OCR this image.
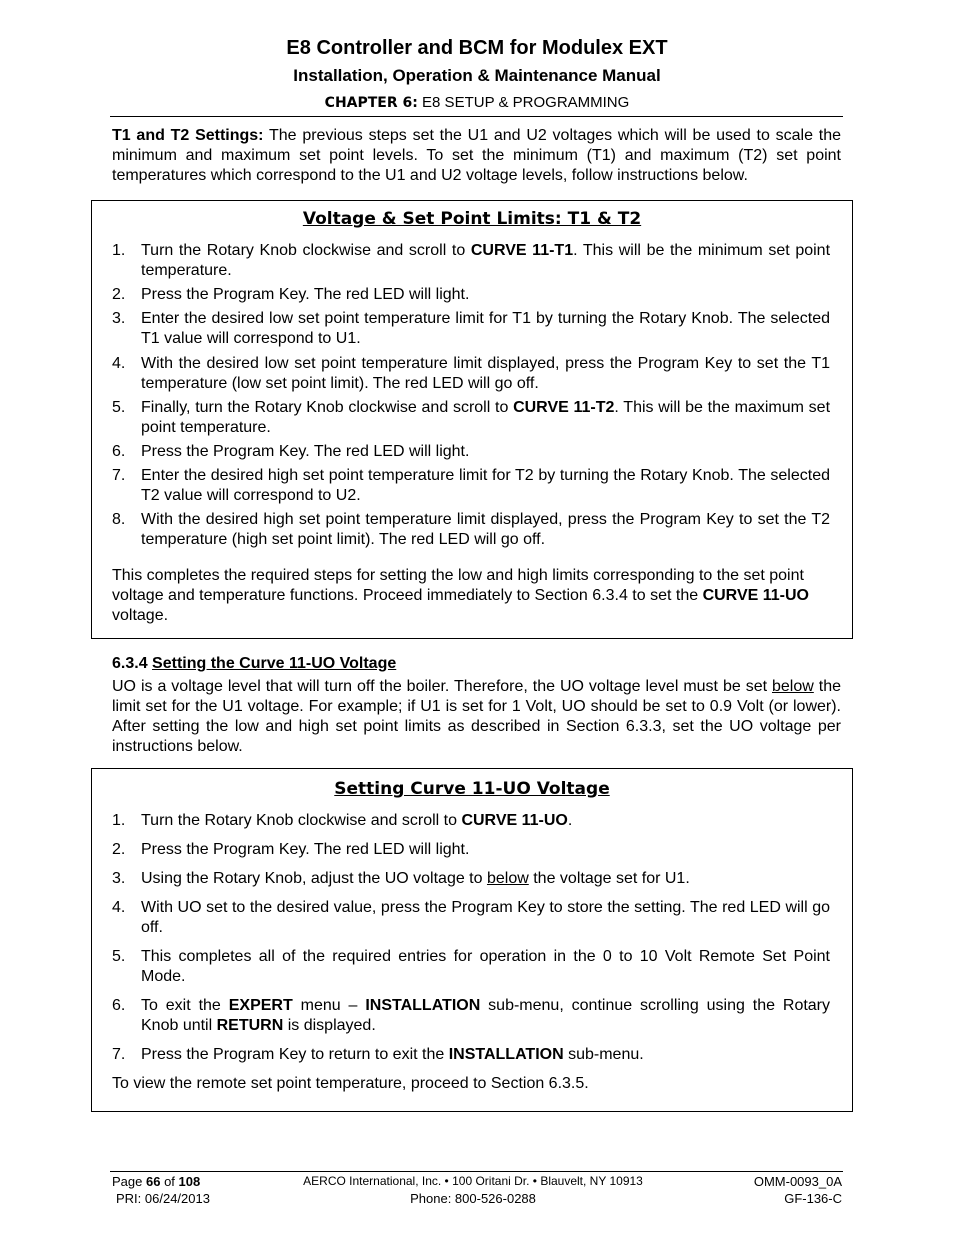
E8 Controller and BCM for Modulex EXT
Installation, Operation & Maintenance Manual
CHAPTER 6: E8 SETUP & PROGRAMMING
T1 and T2 Settings: The previous steps set the U1 and U2 voltages which will be used to scale the minimum and maximum set point levels. To set the minimum (T1) and maximum (T2) set point temperatures which correspond to the U1 and U2 voltage levels, follow instructions below.
Voltage & Set Point Limits: T1 & T2
1. Turn the Rotary Knob clockwise and scroll to CURVE 11-T1. This will be the minimum set point temperature.
2. Press the Program Key. The red LED will light.
3. Enter the desired low set point temperature limit for T1 by turning the Rotary Knob. The selected T1 value will correspond to U1.
4. With the desired low set point temperature limit displayed, press the Program Key to set the T1 temperature (low set point limit). The red LED will go off.
5. Finally, turn the Rotary Knob clockwise and scroll to CURVE 11-T2. This will be the maximum set point temperature.
6. Press the Program Key. The red LED will light.
7. Enter the desired high set point temperature limit for T2 by turning the Rotary Knob. The selected T2 value will correspond to U2.
8. With the desired high set point temperature limit displayed, press the Program Key to set the T2 temperature (high set point limit). The red LED will go off.
This completes the required steps for setting the low and high limits corresponding to the set point voltage and temperature functions. Proceed immediately to Section 6.3.4 to set the CURVE 11-UO voltage.
6.3.4 Setting the Curve 11-UO Voltage
UO is a voltage level that will turn off the boiler. Therefore, the UO voltage level must be set below the limit set for the U1 voltage. For example; if U1 is set for 1 Volt, UO should be set to 0.9 Volt (or lower). After setting the low and high set point limits as described in Section 6.3.3, set the UO voltage per instructions below.
Setting Curve 11-UO Voltage
1. Turn the Rotary Knob clockwise and scroll to CURVE 11-UO.
2. Press the Program Key. The red LED will light.
3. Using the Rotary Knob, adjust the UO voltage to below the voltage set for U1.
4. With UO set to the desired value, press the Program Key to store the setting. The red LED will go off.
5. This completes all of the required entries for operation in the 0 to 10 Volt Remote Set Point Mode.
6. To exit the EXPERT menu – INSTALLATION sub-menu, continue scrolling using the Rotary Knob until RETURN is displayed.
7. Press the Program Key to return to exit the INSTALLATION sub-menu.
To view the remote set point temperature, proceed to Section 6.3.5.
Page 66 of 108
PRI: 06/24/2013
AERCO International, Inc. • 100 Oritani Dr. • Blauvelt, NY 10913
Phone: 800-526-0288
OMM-0093_0A
GF-136-C
